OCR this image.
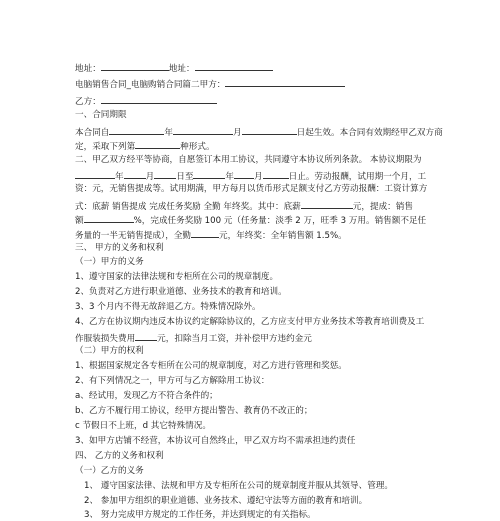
地址：	地址：
电脑销售合同_电脑购销合同篇二甲方：
乙方：
一、合同期限
本合同自	年	月	日起生效。本合同有效期经甲乙双方商
定，采取下列第	种形式。
二、甲乙双方经平等协商，自愿签订本用工协议，共同遵守本协议所列条款。 本协议期限为
年	月	日至	年 月	日止。劳动报酬，试用期一个月，工
资：元，无销售提成等。试用期满，甲方每月以货币形式足额支付乙方劳动报酬：工资计算方
式：底薪 销售提成 完成任务奖励 全勤 年终奖。其中：底薪	元，提成：销售
额	%，完成任务奖励 100 元（任务量：淡季 2 万，旺季 3 万用。销售额不足任
务量的一半无销售提成），全勤	元，年终奖：全年销售额 1.5%。
三、 甲方的义务和权利
（一）甲方的义务
1、遵守国家的法律法规和专柜所在公司的规章制度。
2、负责对乙方进行职业道德、业务技术的教育和培训。
3、3 个月内不得无故辞退乙方。特殊情况除外。
4、乙方在协议期内违反本协议约定解除协议的，乙方应支付甲方业务技术等教育培训费及工
作服装损失费用	元，扣除当月工资，并补偿甲方违约金元
（二）甲方的权利
1、根据国家规定各专柜所在公司的规章制度，对乙方进行管理和奖惩。
2、有下列情况之一，甲方可与乙方解除用工协议：
a、经试用，发现乙方不符合条件的；
b、乙方不履行用工协议，经甲方提出警告、教育仍不改正的；
c 节假日不上班，d 其它特殊情况。
3、如甲方店铺不经营，本协议可自然终止，甲乙双方均不需承担违约责任
四、 乙方的义务和权利
（一）乙方的义务
1、 遵守国家法律、法规和甲方及专柜所在公司的规章制度并服从其领导、管理。
2、 参加甲方组织的职业道德、业务技术、遵纪守法等方面的教育和培训。
3、 努力完成甲方规定的工作任务，并达到规定的有关指标。
